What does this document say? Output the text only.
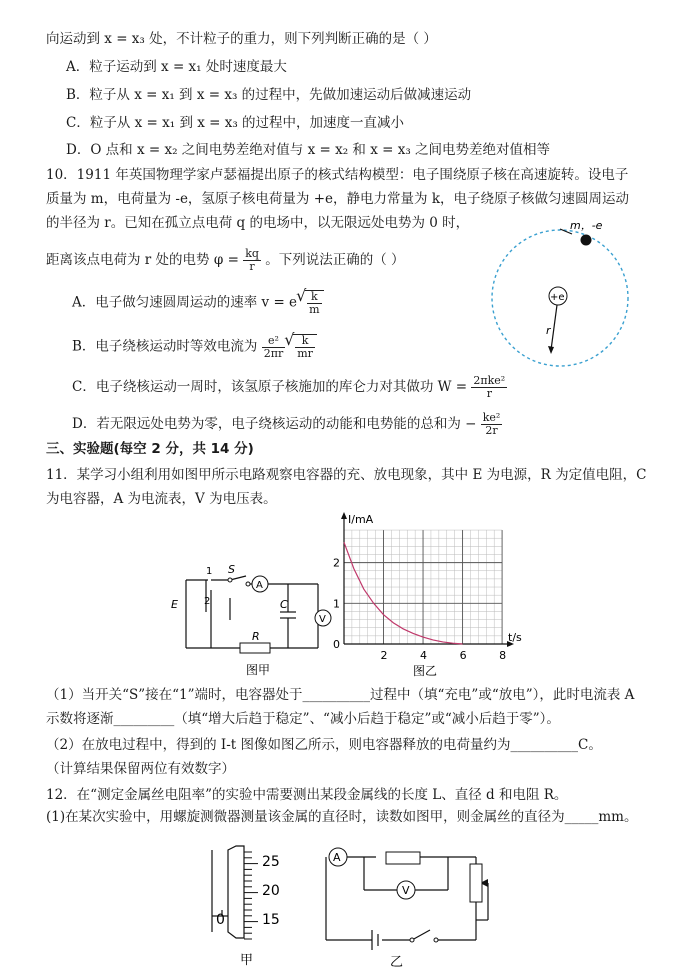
向运动到 x = x₃ 处，不计粒子的重力，则下列判断正确的是（ ）
A．粒子运动到 x = x₁ 处时速度最大
B．粒子从 x = x₁ 到 x = x₃ 的过程中，先做加速运动后做减速运动
C．粒子从 x = x₁ 到 x = x₃ 的过程中，加速度一直减小
D．O 点和 x = x₂ 之间电势差绝对值与 x = x₂ 和 x = x₃ 之间电势差绝对值相等
10．1911 年英国物理学家卢瑟福提出原子的核式结构模型：电子围绕原子核在高速旋转。设电子
质量为 m，电荷量为 -e，氢原子核电荷量为 +e，静电力常量为 k，电子绕原子核做匀速圆周运动
的半径为 r。已知在孤立点电荷 q 的电场中，以无限远处电势为 0 时，
距离该点电荷为 r 处的电势 $\varphi = \frac{kq}{r}$ 。下列说法正确的（ ）
A．电子做匀速圆周运动的速率 v = e √ $\frac{k}{m}$
B．电子绕核运动时等效电流为 $\frac{\text{e²}}{2\pi r}$ √ $\frac{k}{mr}$
C．电子绕核运动一周时，该氢原子核施加的库仑力对其做功 $W = \frac{\text{2πke²}}{r}$
D．若无限远处电势为零，电子绕核运动的动能和电势能的总和为 − $\frac{\text{ke²}}{2r}$
m，-e
+e
r
三、实验题(每空 2 分，共 14 分)
11．某学习小组利用如图甲所示电路观察电容器的充、放电现象，其中 E 为电源，R 为定值电阻，C
为电容器，A 为电流表，V 为电压表。
A
V
R
E
S
1
2	C
图甲
I/mA
t/s
0
2	4	6	8
1
2
图乙
（1）当开关“S”接在“1”端时，电容器处于__________过程中（填“充电”或“放电”），此时电流表 A
示数将逐渐_________（填“增大后趋于稳定”、“减小后趋于稳定”或“减小后趋于零”）。
（2）在放电过程中，得到的 I-t 图像如图乙所示，则电容器释放的电荷量约为__________C。
（计算结果保留两位有效数字）
12．在“测定金属丝电阻率”的实验中需要测出某段金属线的长度 L、直径 d 和电阻 R。
(1)在某次实验中，用螺旋测微器测量该金属的直径时，读数如图甲，则金属丝的直径为_____mm。
25
20
15
0
甲
A
V
乙
